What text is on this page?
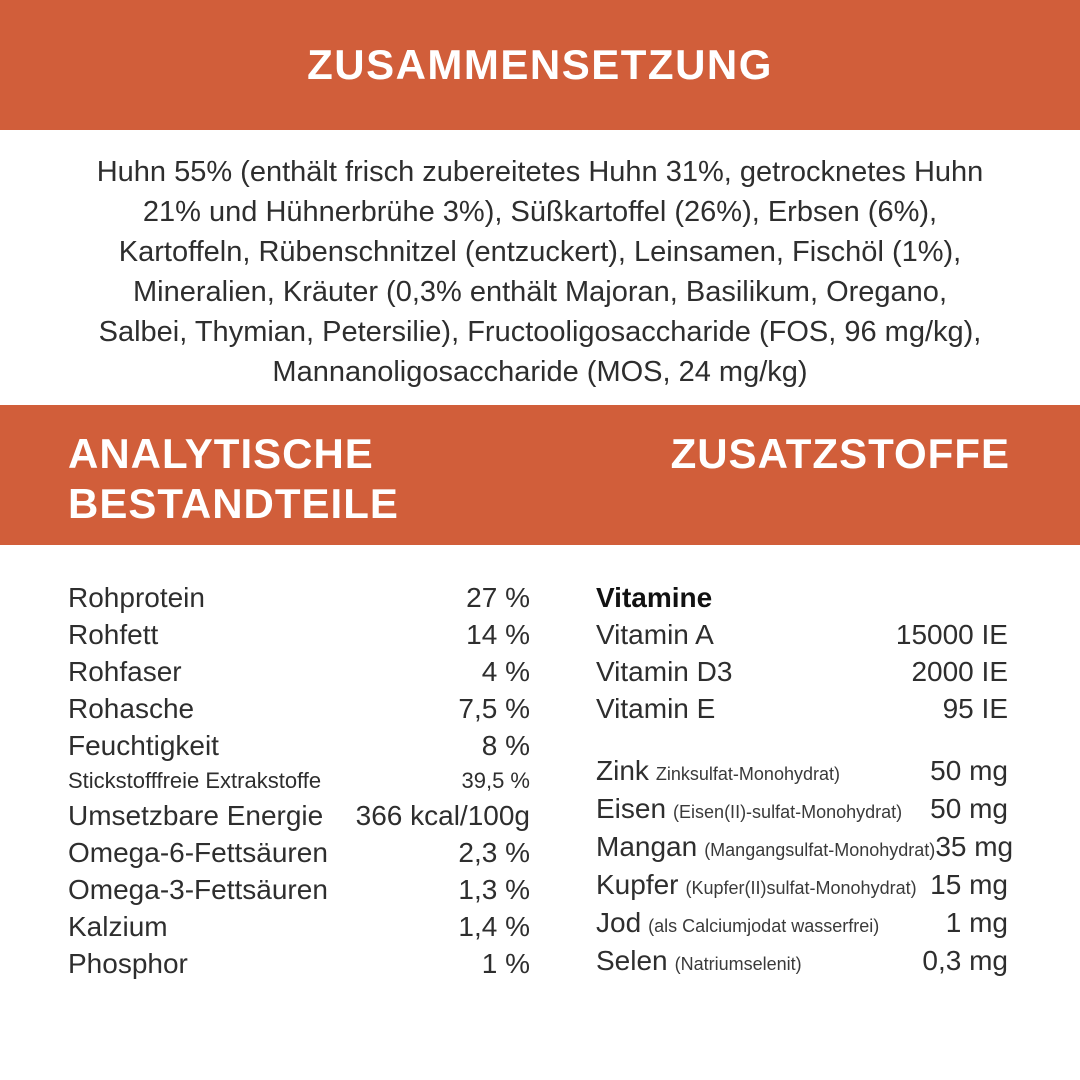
ZUSAMMENSETZUNG

Huhn 55% (enthält frisch zubereitetes Huhn 31%, getrocknetes Huhn

21% und Hühnerbrühe 3%), Süßkartoffel (26%), Erbsen (6%),

Kartoffeln, Rübenschnitzel (entzuckert), Leinsamen, Fischöl (1%),

Mineralien, Kräuter (0,3% enthält Majoran, Basilikum, Oregano,

Salbei, Thymian, Petersilie), Fructooligosaccharide (FOS, 96 mg/kg),

Mannanoligosaccharide (MOS, 24 mg/kg)

ANALYTISCHE
BESTANDTEILE
ZUSATZSTOFFE
Rohprotein	27 %
Rohfett	14 %
Rohfaser	4 %
Rohasche	7,5 %
Feuchtigkeit	8 %
Stickstofffreie Extrakstoffe	39,5 %
Umsetzbare Energie 366 kcal/100g
Omega-6-Fettsäuren	2,3 %
Omega-3-Fettsäuren	1,3 %
Kalzium	1,4 %
Phosphor	1 %
Vitamine
Vitamin A	15000 IE
Vitamin D3	2000 IE
Vitamin E	95 IE
Zink Zinksulfat-Monohydrat)	50 mg
Eisen (Eisen(II)-sulfat-Monohydrat) 50 mg
Mangan (Mangangsulfat-Monohydrat) 35 mg
Kupfer (Kupfer(II)sulfat-Monohydrat) 15 mg
Jod (als Calciumjodat wasserfrei) 1 mg
Selen (Natriumselenit)	0,3 mg
